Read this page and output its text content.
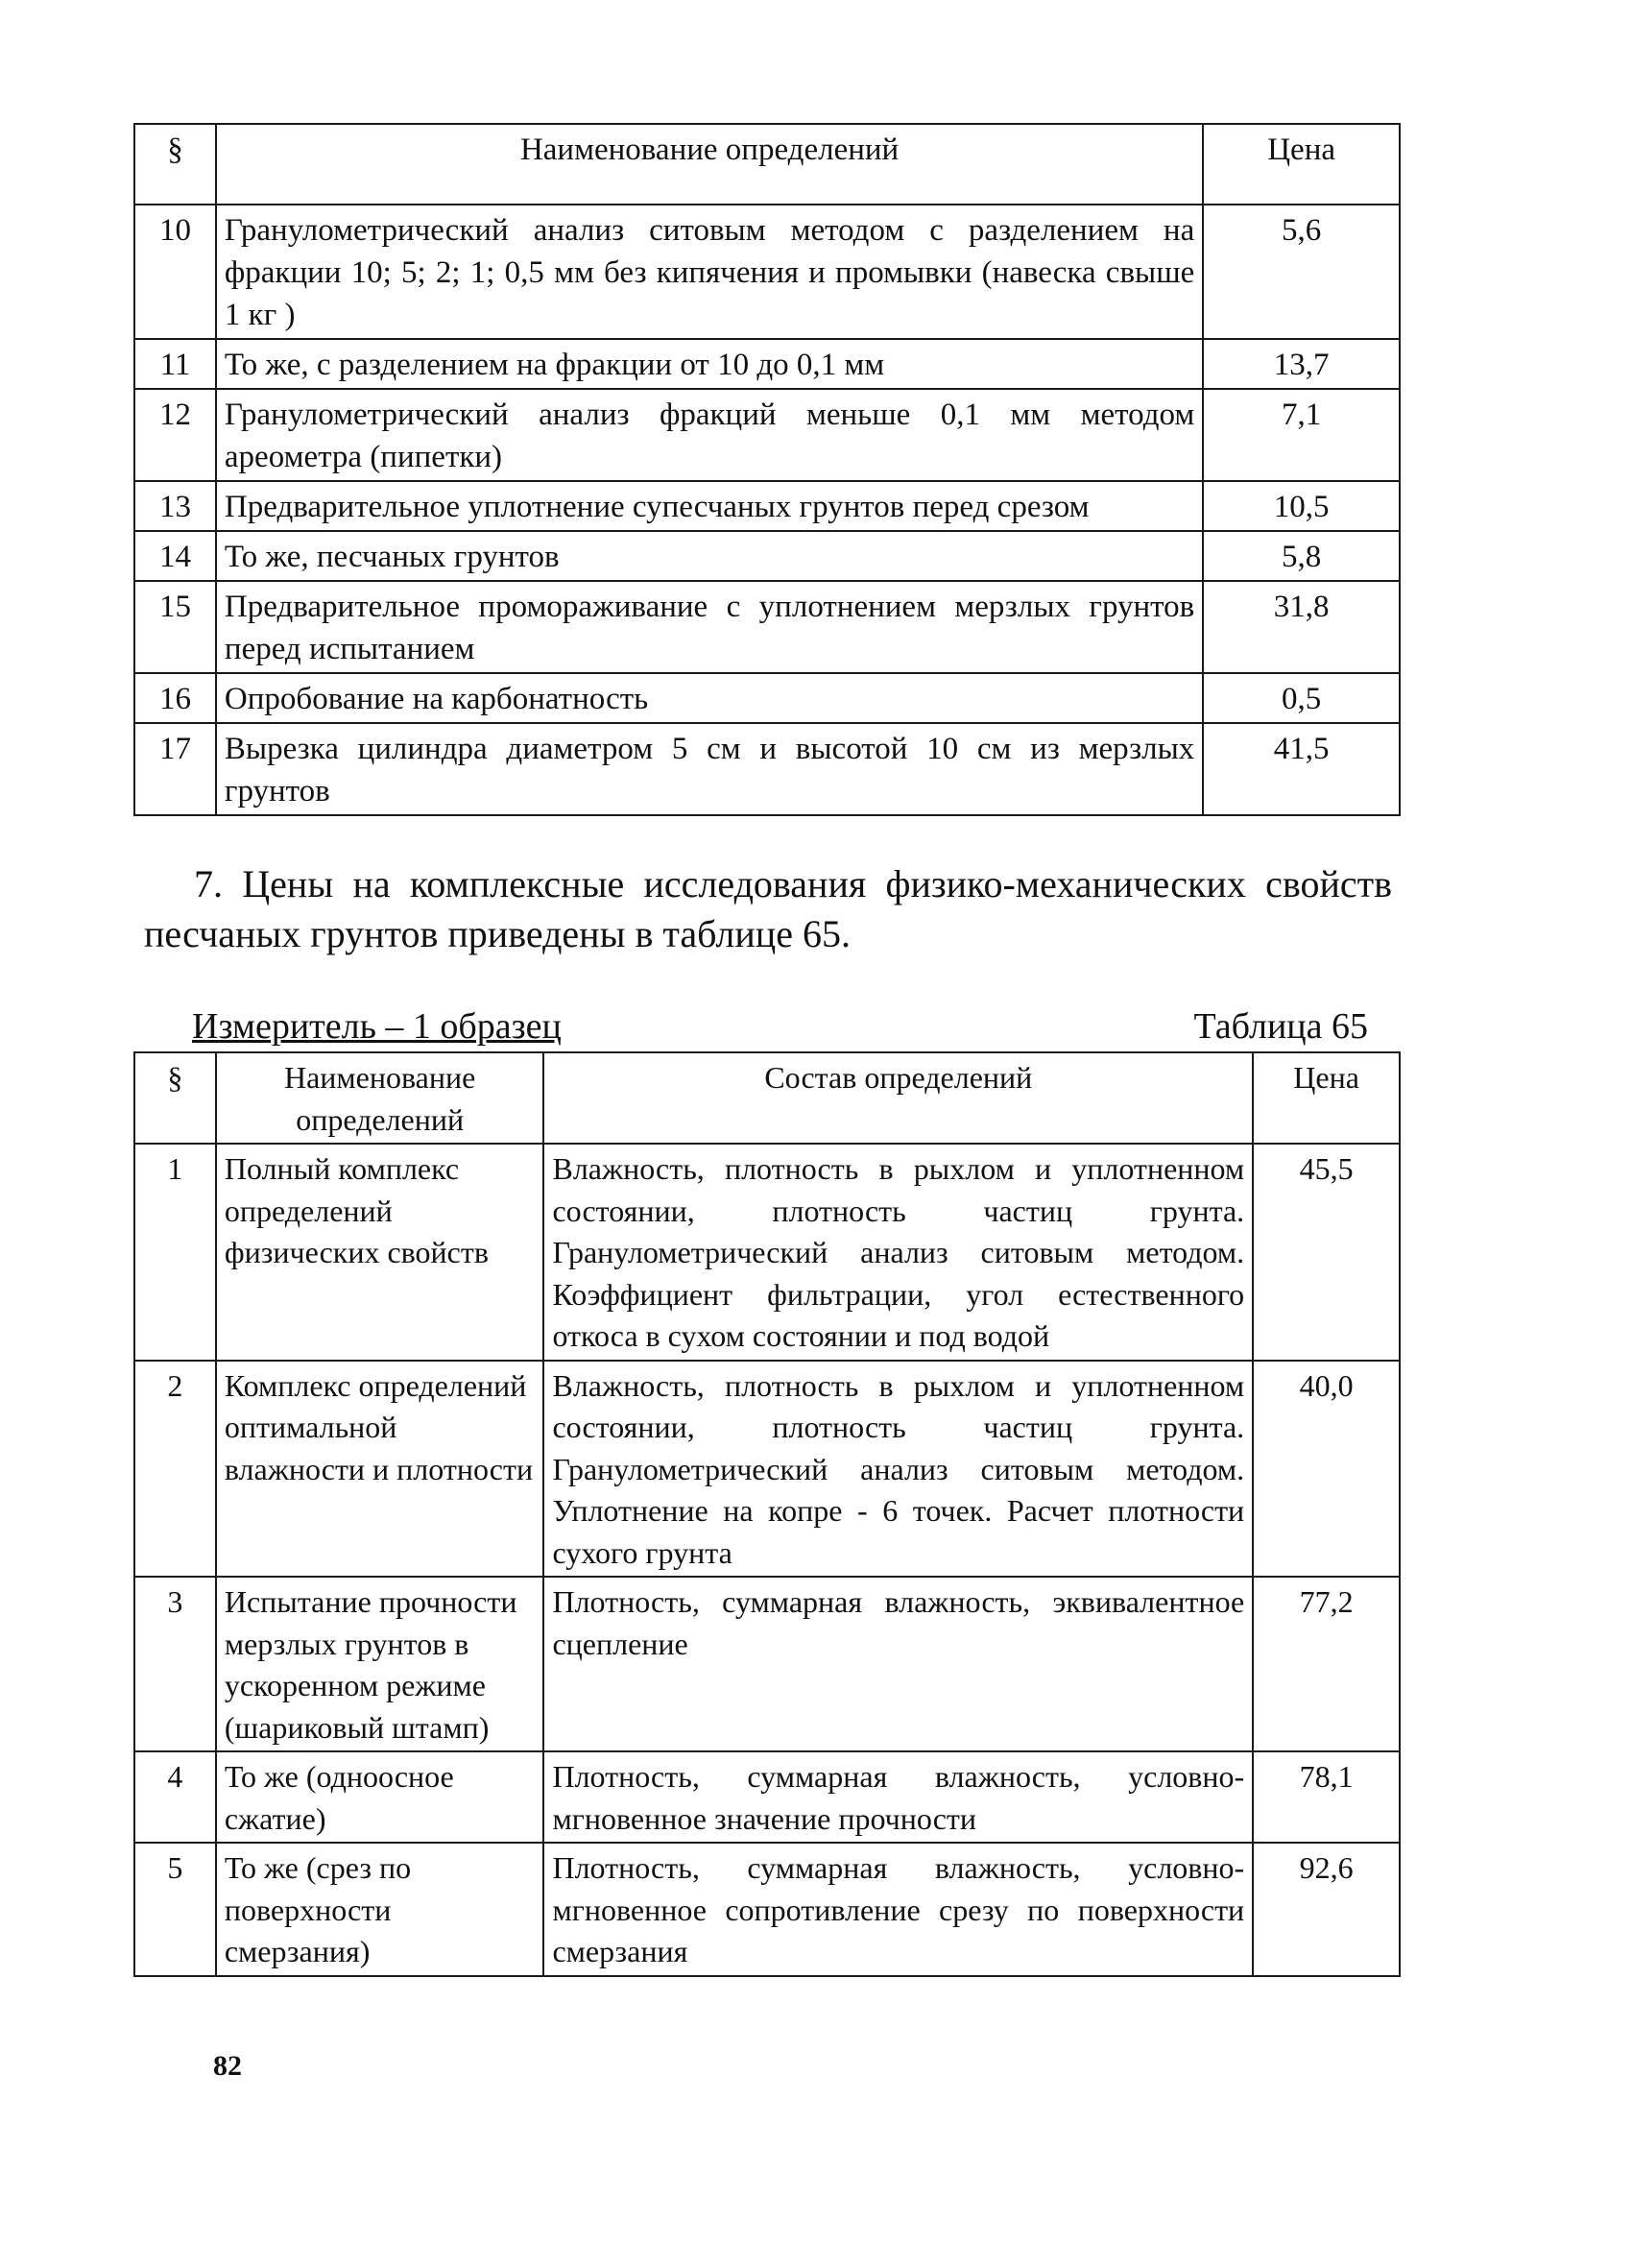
§	Наименование определений	Цена
10	Гранулометрический анализ ситовым методом с разделением на фракции 10; 5; 2; 1; 0,5 мм без кипячения и промывки (навеска свыше 1 кг )	5,6
11	То же, с разделением на фракции от 10 до 0,1 мм	13,7
12	Гранулометрический анализ фракций меньше 0,1 мм методом ареометра (пипетки)	7,1
13	Предварительное уплотнение супесчаных грунтов перед срезом	10,5
14	То же, песчаных грунтов	5,8
15	Предварительное промораживание с уплотнением мерзлых грунтов перед испытанием	31,8
16	Опробование на карбонатность	0,5
17	Вырезка цилиндра диаметром 5 см и высотой 10 см из мерзлых грунтов	41,5
7. Цены на комплексные исследования физико-механических свойств песчаных грунтов приведены в таблице 65.
Измеритель – 1 образец	Таблица 65
§	Наименование определений	Состав определений	Цена
1	Полный комплекс определений физических свойств	Влажность, плотность в рыхлом и уплотненном состоянии, плотность частиц грунта. Гранулометрический анализ ситовым методом. Коэффициент фильтрации, угол естественного откоса в сухом состоянии и под водой	45,5
2	Комплекс определений оптимальной влажности и плотности	Влажность, плотность в рыхлом и уплотненном состоянии, плотность частиц грунта. Гранулометрический анализ ситовым методом. Уплотнение на копре - 6 точек. Расчет плотности сухого грунта	40,0
3	Испытание прочности мерзлых грунтов в ускоренном режиме (шариковый штамп)	Плотность, суммарная влажность, эквивалентное сцепление	77,2
4	То же (одноосное сжатие)	Плотность, суммарная влажность, условно-мгновенное значение прочности	78,1
5	То же (срез по поверхности смерзания)	Плотность, суммарная влажность, условно-мгновенное сопротивление срезу по поверхности смерзания	92,6
82
